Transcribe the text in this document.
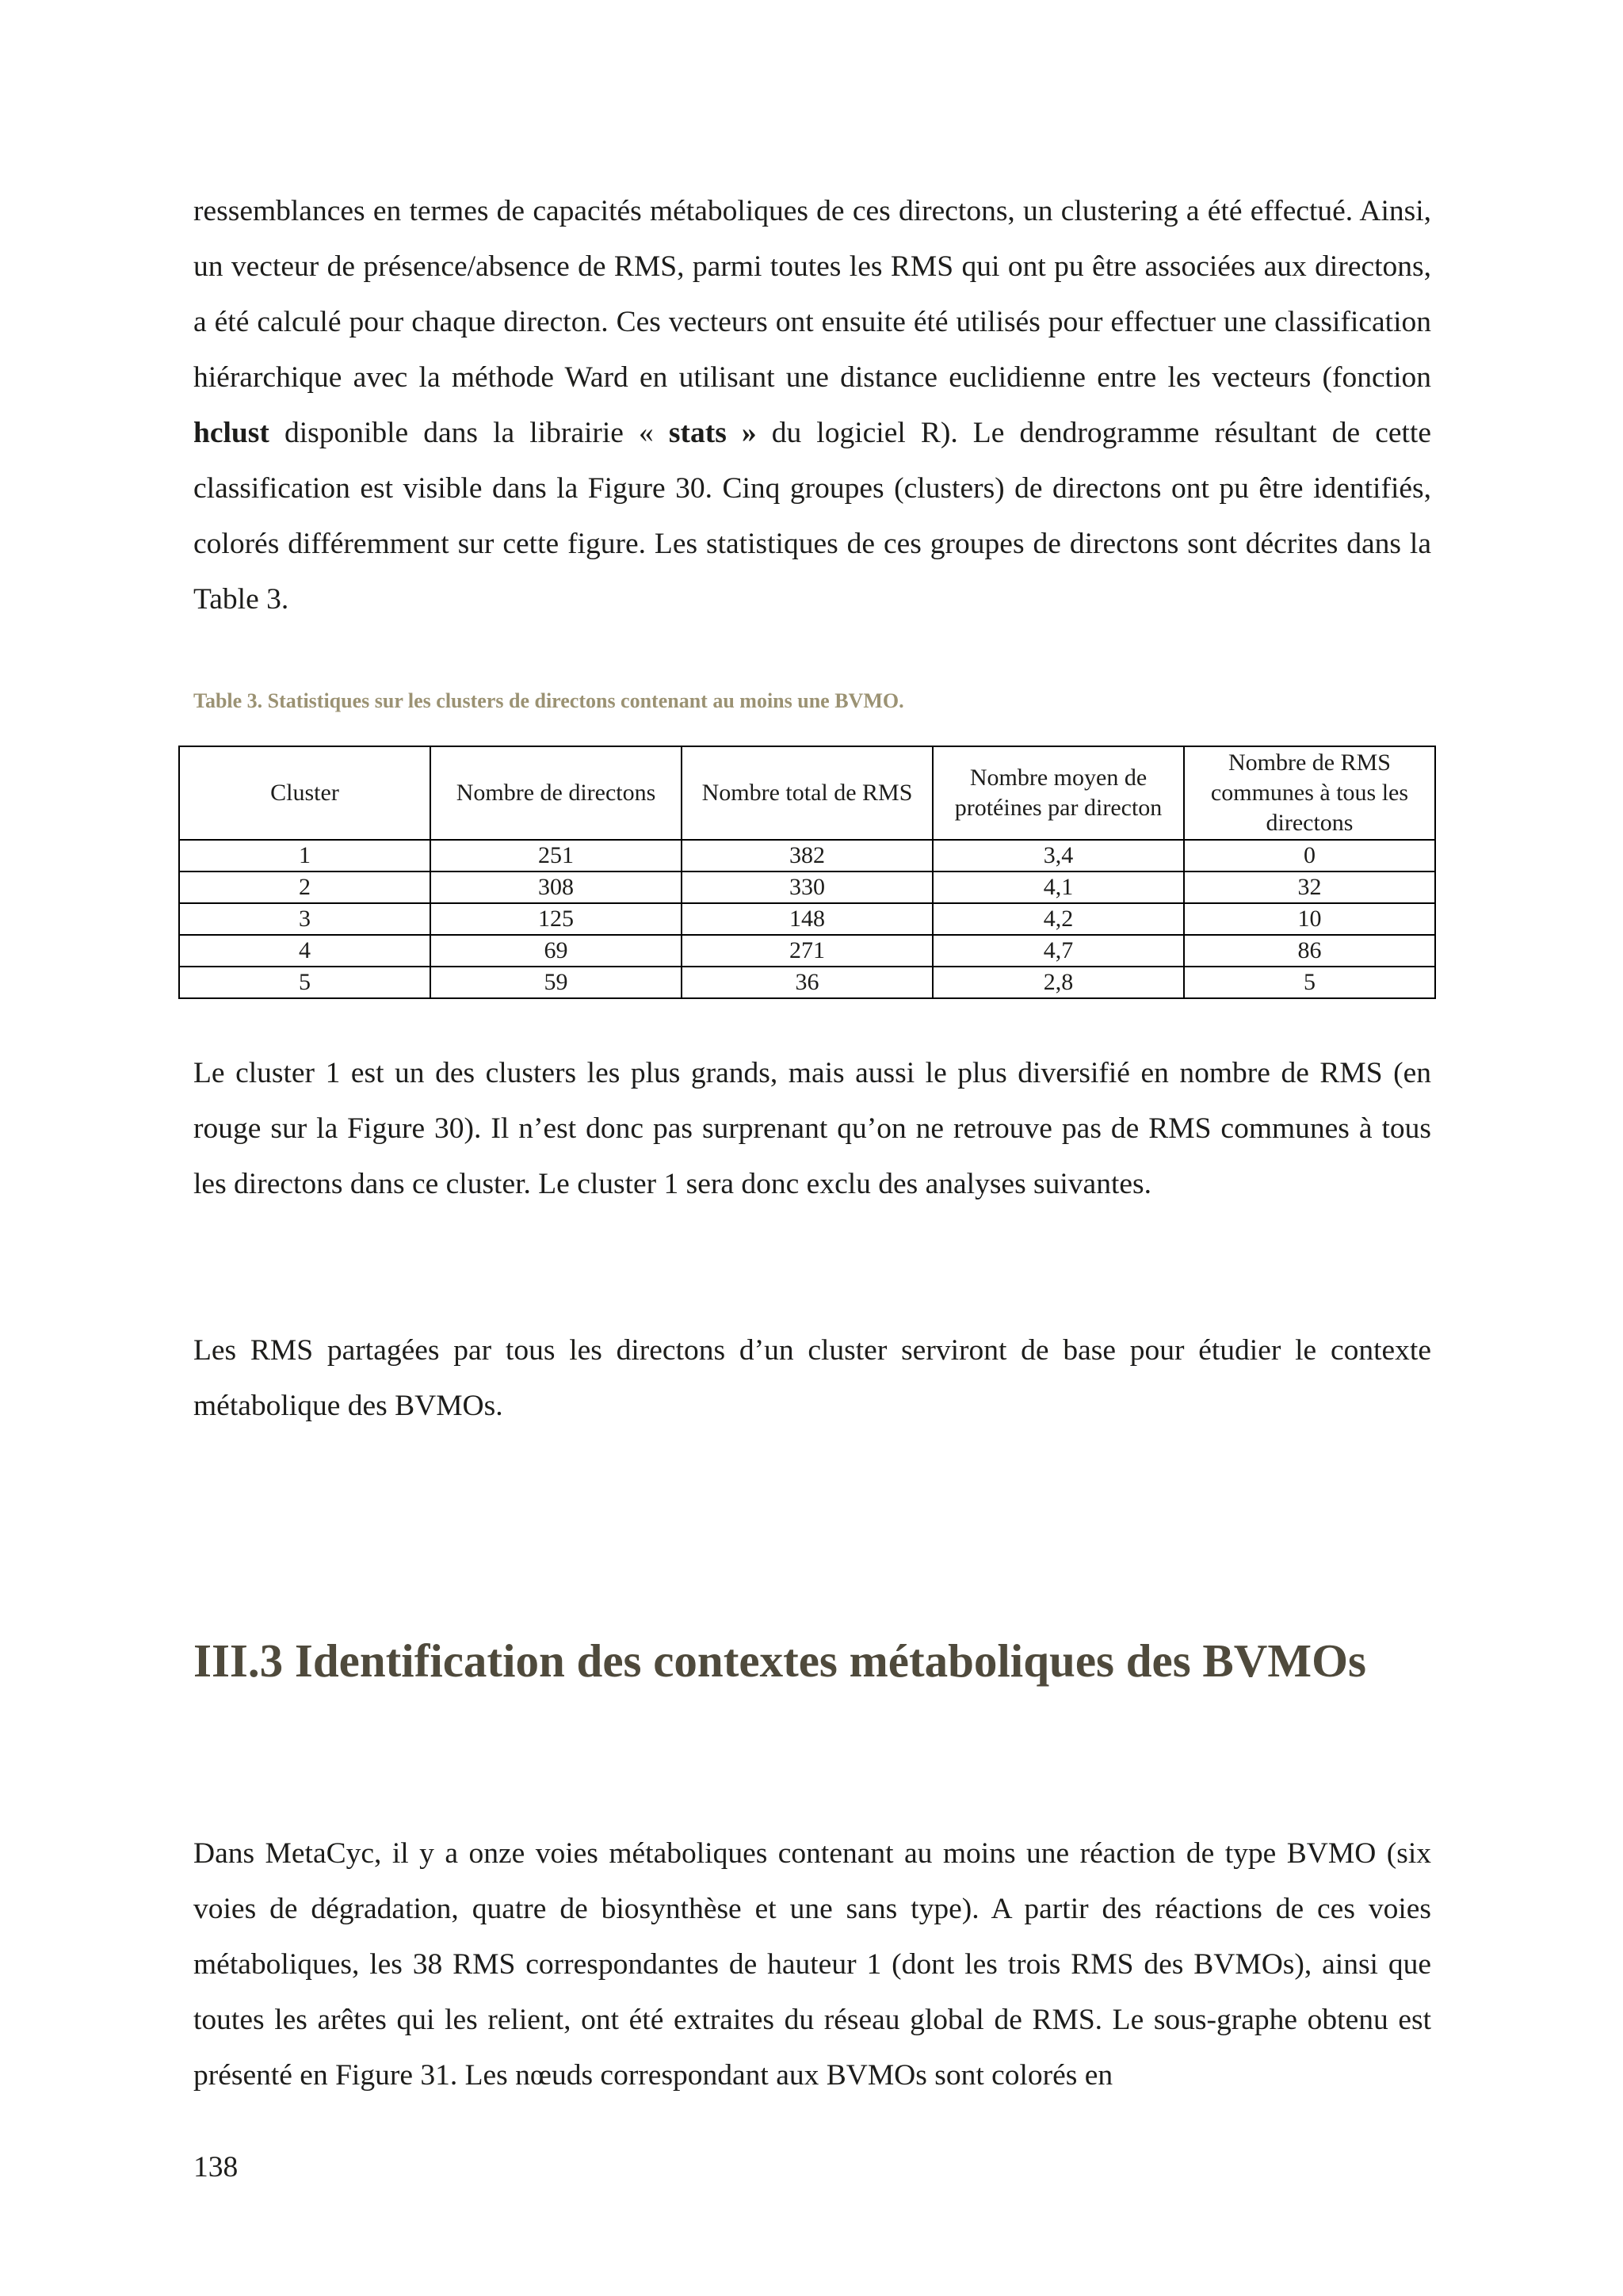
ressemblances en termes de capacités métaboliques de ces directons, un clustering a été effectué. Ainsi, un vecteur de présence/absence de RMS, parmi toutes les RMS qui ont pu être associées aux directons, a été calculé pour chaque directon. Ces vecteurs ont ensuite été utilisés pour effectuer une classification hiérarchique avec la méthode Ward en utilisant une distance euclidienne entre les vecteurs (fonction hclust disponible dans la librairie « stats » du logiciel R). Le dendrogramme résultant de cette classification est visible dans la Figure 30. Cinq groupes (clusters) de directons ont pu être identifiés, colorés différemment sur cette figure. Les statistiques de ces groupes de directons sont décrites dans la Table 3.

Table 3. Statistiques sur les clusters de directons contenant au moins une BVMO.

Cluster	Nombre de directons	Nombre total de RMS	Nombre moyen de protéines par directon	Nombre de RMS communes à tous les directons
1	251	382	3,4	0
2	308	330	4,1	32
3	125	148	4,2	10
4	69	271	4,7	86
5	59	36	2,8	5

Le cluster 1 est un des clusters les plus grands, mais aussi le plus diversifié en nombre de RMS (en rouge sur la Figure 30). Il n’est donc pas surprenant qu’on ne retrouve pas de RMS communes à tous les directons dans ce cluster. Le cluster 1 sera donc exclu des analyses suivantes.

Les RMS partagées par tous les directons d’un cluster serviront de base pour étudier le contexte métabolique des BVMOs.

III.3 Identification des contextes métaboliques des BVMOs

Dans MetaCyc, il y a onze voies métaboliques contenant au moins une réaction de type BVMO (six voies de dégradation, quatre de biosynthèse et une sans type). A partir des réactions de ces voies métaboliques, les 38 RMS correspondantes de hauteur 1 (dont les trois RMS des BVMOs), ainsi que toutes les arêtes qui les relient, ont été extraites du réseau global de RMS. Le sous-graphe obtenu est présenté en Figure 31. Les nœuds correspondant aux BVMOs sont colorés en

138
